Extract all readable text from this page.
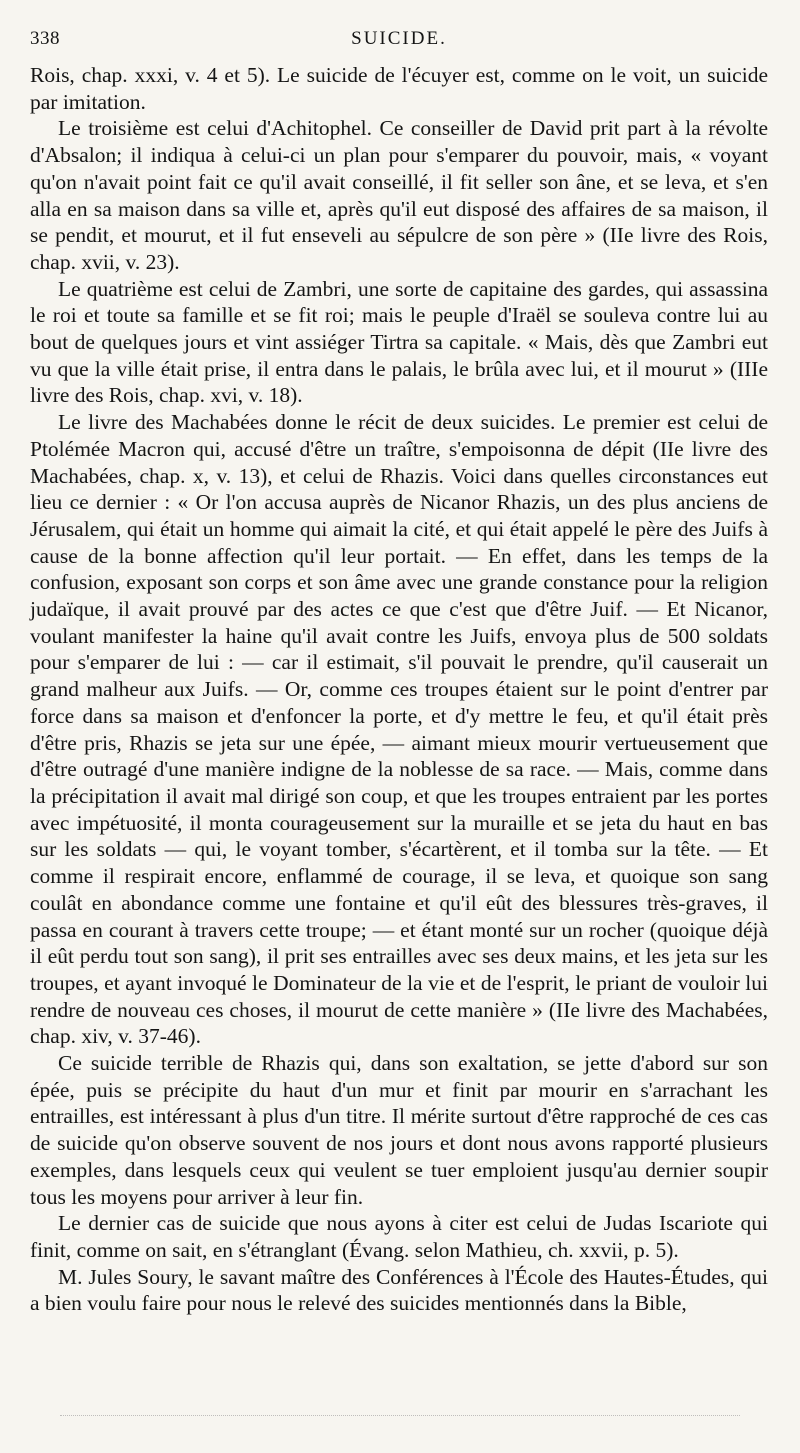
338	SUICIDE.

Rois, chap. xxxi, v. 4 et 5). Le suicide de l'écuyer est, comme on le voit, un suicide par imitation.

Le troisième est celui d'Achitophel. Ce conseiller de David prit part à la révolte d'Absalon; il indiqua à celui-ci un plan pour s'emparer du pouvoir, mais, « voyant qu'on n'avait point fait ce qu'il avait conseillé, il fit seller son âne, et se leva, et s'en alla en sa maison dans sa ville et, après qu'il eut disposé des affaires de sa maison, il se pendit, et mourut, et il fut enseveli au sépulcre de son père » (IIe livre des Rois, chap. xvii, v. 23).

Le quatrième est celui de Zambri, une sorte de capitaine des gardes, qui assassina le roi et toute sa famille et se fit roi; mais le peuple d'Iraël se souleva contre lui au bout de quelques jours et vint assiéger Tirtra sa capitale. « Mais, dès que Zambri eut vu que la ville était prise, il entra dans le palais, le brûla avec lui, et il mourut » (IIIe livre des Rois, chap. xvi, v. 18).

Le livre des Machabées donne le récit de deux suicides. Le premier est celui de Ptolémée Macron qui, accusé d'être un traître, s'empoisonna de dépit (IIe livre des Machabées, chap. x, v. 13), et celui de Rhazis. Voici dans quelles circonstances eut lieu ce dernier : « Or l'on accusa auprès de Nicanor Rhazis, un des plus anciens de Jérusalem, qui était un homme qui aimait la cité, et qui était appelé le père des Juifs à cause de la bonne affection qu'il leur portait. — En effet, dans les temps de la confusion, exposant son corps et son âme avec une grande constance pour la religion judaïque, il avait prouvé par des actes ce que c'est que d'être Juif. — Et Nicanor, voulant manifester la haine qu'il avait contre les Juifs, envoya plus de 500 soldats pour s'emparer de lui : — car il estimait, s'il pouvait le prendre, qu'il causerait un grand malheur aux Juifs. — Or, comme ces troupes étaient sur le point d'entrer par force dans sa maison et d'enfoncer la porte, et d'y mettre le feu, et qu'il était près d'être pris, Rhazis se jeta sur une épée, — aimant mieux mourir vertueusement que d'être outragé d'une manière indigne de la noblesse de sa race. — Mais, comme dans la précipitation il avait mal dirigé son coup, et que les troupes entraient par les portes avec impétuosité, il monta courageusement sur la muraille et se jeta du haut en bas sur les soldats — qui, le voyant tomber, s'écartèrent, et il tomba sur la tête. — Et comme il respirait encore, enflammé de courage, il se leva, et quoique son sang coulât en abondance comme une fontaine et qu'il eût des blessures très-graves, il passa en courant à travers cette troupe; — et étant monté sur un rocher (quoique déjà il eût perdu tout son sang), il prit ses entrailles avec ses deux mains, et les jeta sur les troupes, et ayant invoqué le Dominateur de la vie et de l'esprit, le priant de vouloir lui rendre de nouveau ces choses, il mourut de cette manière » (IIe livre des Machabées, chap. xiv, v. 37-46).

Ce suicide terrible de Rhazis qui, dans son exaltation, se jette d'abord sur son épée, puis se précipite du haut d'un mur et finit par mourir en s'arrachant les entrailles, est intéressant à plus d'un titre. Il mérite surtout d'être rapproché de ces cas de suicide qu'on observe souvent de nos jours et dont nous avons rapporté plusieurs exemples, dans lesquels ceux qui veulent se tuer emploient jusqu'au dernier soupir tous les moyens pour arriver à leur fin.

Le dernier cas de suicide que nous ayons à citer est celui de Judas Iscariote qui finit, comme on sait, en s'étranglant (Évang. selon Mathieu, ch. xxvii, p. 5).

M. Jules Soury, le savant maître des Conférences à l'École des Hautes-Études, qui a bien voulu faire pour nous le relevé des suicides mentionnés dans la Bible,
